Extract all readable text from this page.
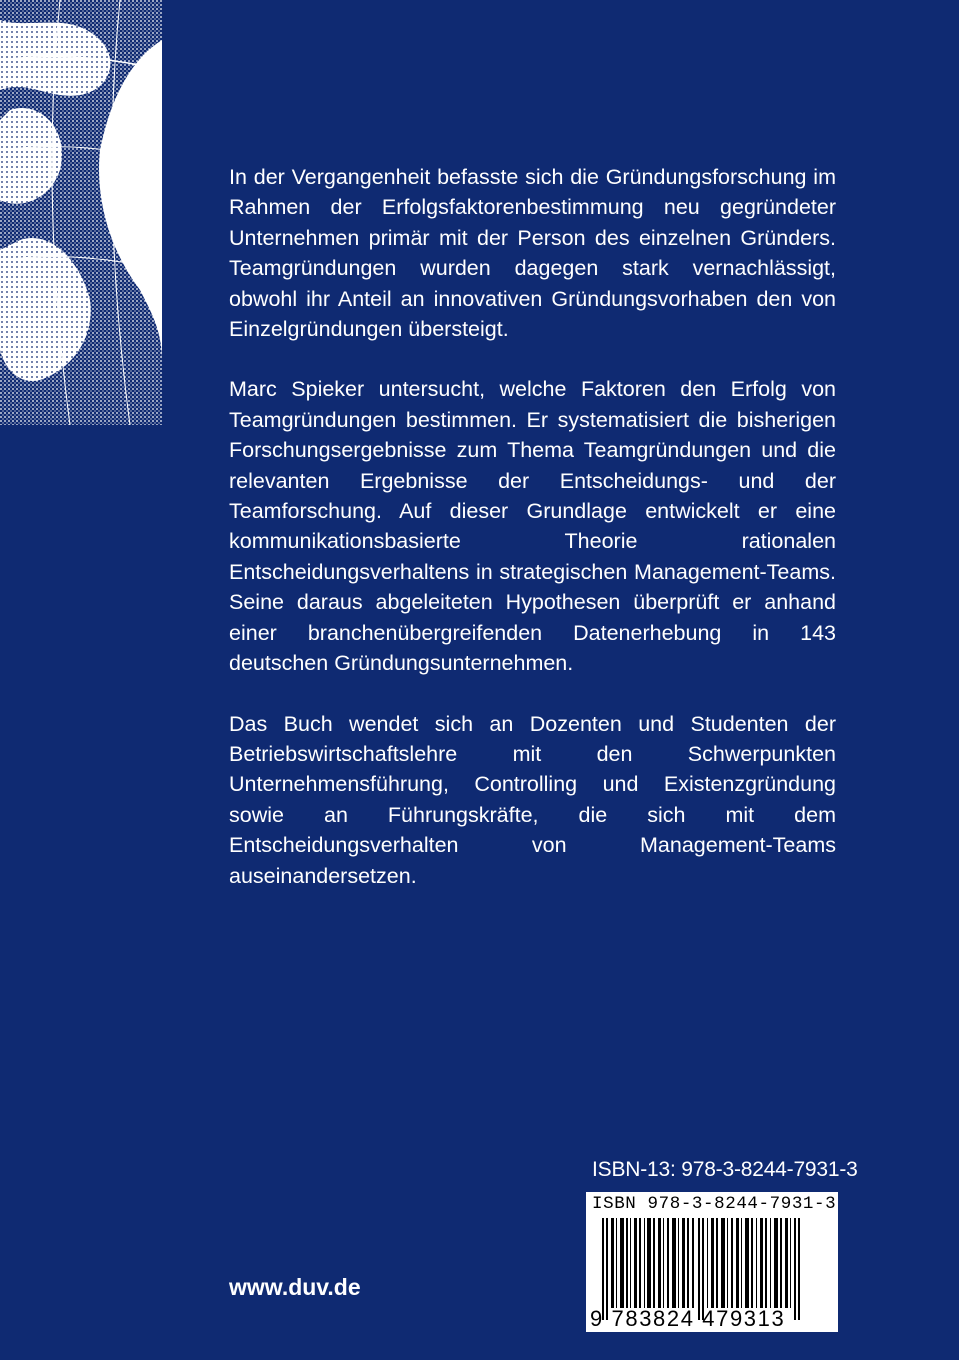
In der Vergangenheit befasste sich die Gründungsforschung im Rahmen der Erfolgsfaktorenbestimmung neu gegründeter Unternehmen primär mit der Person des einzelnen Gründers. Teamgründungen wurden dagegen stark vernachlässigt, obwohl ihr Anteil an innovativen Gründungsvorhaben den von Einzelgründungen übersteigt.

Marc Spieker untersucht, welche Faktoren den Erfolg von Teamgründungen bestimmen. Er systematisiert die bisherigen Forschungsergebnisse zum Thema Teamgründungen und die relevanten Ergebnisse der Entscheidungs- und der Teamforschung. Auf dieser Grundlage entwickelt er eine kommunikationsbasierte Theorie rationalen Entscheidungsverhaltens in strategischen Management-Teams. Seine daraus abgeleiteten Hypothesen überprüft er anhand einer branchenübergreifenden Datenerhebung in 143 deutschen Gründungsunternehmen.

Das Buch wendet sich an Dozenten und Studenten der Betriebswirtschaftslehre mit den Schwerpunkten Unternehmensführung, Controlling und Existenzgründung sowie an Führungskräfte, die sich mit dem Entscheidungsverhalten von Management-Teams auseinandersetzen.

ISBN-13: 978-3-8244-7931-3
ISBN 978-3-8244-7931-3
9 783824 479313
www.duv.de
